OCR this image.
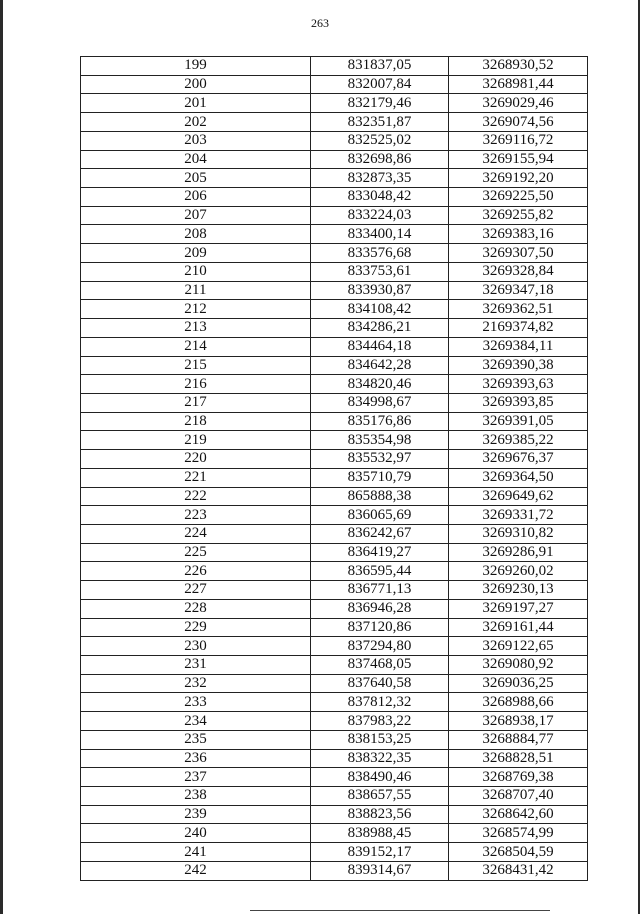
263
199	831837,05	3268930,52
200	832007,84	3268981,44
201	832179,46	3269029,46
202	832351,87	3269074,56
203	832525,02	3269116,72
204	832698,86	3269155,94
205	832873,35	3269192,20
206	833048,42	3269225,50
207	833224,03	3269255,82
208	833400,14	3269383,16
209	833576,68	3269307,50
210	833753,61	3269328,84
211	833930,87	3269347,18
212	834108,42	3269362,51
213	834286,21	2169374,82
214	834464,18	3269384,11
215	834642,28	3269390,38
216	834820,46	3269393,63
217	834998,67	3269393,85
218	835176,86	3269391,05
219	835354,98	3269385,22
220	835532,97	3269676,37
221	835710,79	3269364,50
222	865888,38	3269649,62
223	836065,69	3269331,72
224	836242,67	3269310,82
225	836419,27	3269286,91
226	836595,44	3269260,02
227	836771,13	3269230,13
228	836946,28	3269197,27
229	837120,86	3269161,44
230	837294,80	3269122,65
231	837468,05	3269080,92
232	837640,58	3269036,25
233	837812,32	3268988,66
234	837983,22	3268938,17
235	838153,25	3268884,77
236	838322,35	3268828,51
237	838490,46	3268769,38
238	838657,55	3268707,40
239	838823,56	3268642,60
240	838988,45	3268574,99
241	839152,17	3268504,59
242	839314,67	3268431,42
